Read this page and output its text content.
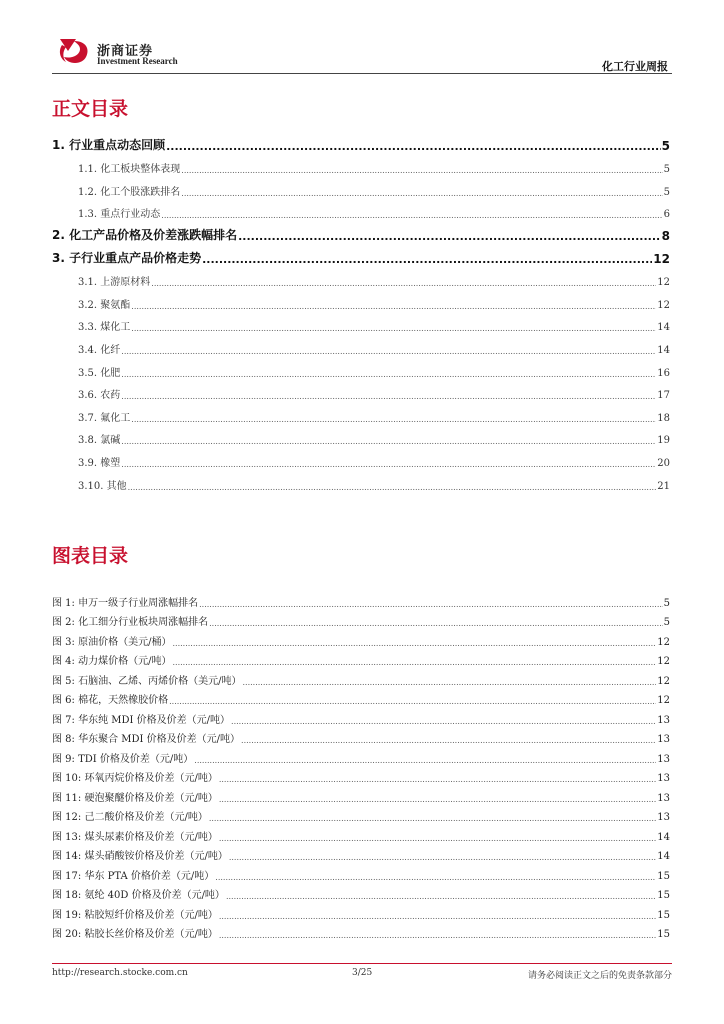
浙商证券
Investment Research	化工行业周报
正文目录
1. 行业重点动态回顾 .....	5
1.1. 化工板块整体表现 .....	5
1.2. 化工个股涨跌排名 .....	5
1.3. 重点行业动态 .....	6
2. 化工产品价格及价差涨跌幅排名 .....	8
3. 子行业重点产品价格走势 .....	12
3.1. 上游原材料 .....	12
3.2. 聚氨酯 .....	12
3.3. 煤化工 .....	14
3.4. 化纤 .....	14
3.5. 化肥 .....	16
3.6. 农药 .....	17
3.7. 氟化工 .....	18
3.8. 氯碱 .....	19
3.9. 橡塑 .....	20
3.10. 其他 .....	21
图表目录
图 1: 申万一级子行业周涨幅排名 .....	5
图 2: 化工细分行业板块周涨幅排名 .....	5
图 3: 原油价格（美元/桶） .....	12
图 4: 动力煤价格（元/吨） .....	12
图 5: 石脑油、乙烯、丙烯价格（美元/吨） .....	12
图 6: 棉花，天然橡胶价格 .....	12
图 7: 华东纯 MDI 价格及价差（元/吨） .....	13
图 8: 华东聚合 MDI 价格及价差（元/吨） .....	13
图 9: TDI 价格及价差（元/吨） .....	13
图 10: 环氧丙烷价格及价差（元/吨） .....	13
图 11: 硬泡聚醚价格及价差（元/吨） .....	13
图 12: 己二酸价格及价差（元/吨） .....	13
图 13: 煤头尿素价格及价差（元/吨） .....	14
图 14: 煤头硝酸铵价格及价差（元/吨） .....	14
图 17: 华东 PTA 价格价差（元/吨） .....	15
图 18: 氨纶 40D 价格及价差（元/吨） .....	15
图 19: 粘胶短纤价格及价差（元/吨） .....	15
图 20: 粘胶长丝价格及价差（元/吨） .....	15
http://research.stocke.com.cn	3/25	请务必阅读正文之后的免责条款部分
